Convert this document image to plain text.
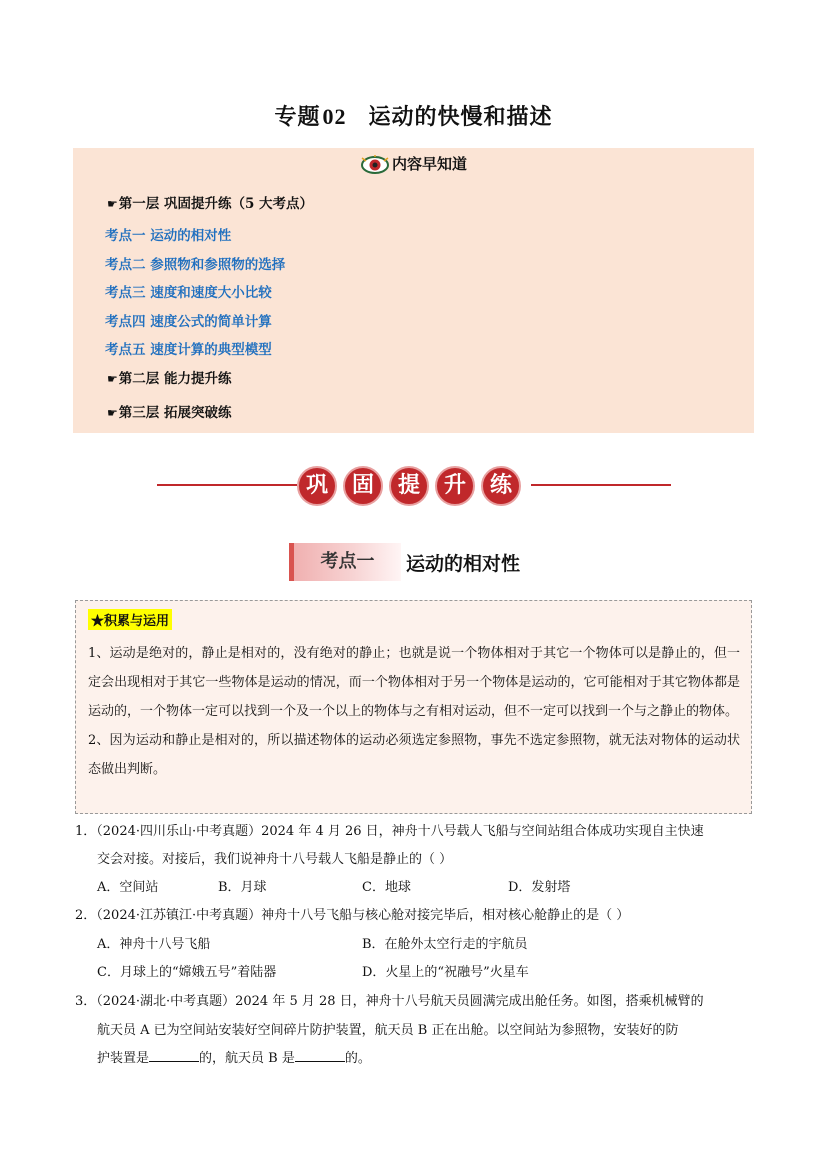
专题02 运动的快慢和描述
内容早知道
☛第一层 巩固提升练（5 大考点）
考点一 运动的相对性
考点二 参照物和参照物的选择
考点三 速度和速度大小比较
考点四 速度公式的简单计算
考点五 速度计算的典型模型
☛第二层 能力提升练
☛第三层 拓展突破练
巩	固	提	升	练
考点一	运动的相对性
★积累与运用

1、运动是绝对的，静止是相对的，没有绝对的静止；也就是说一个物体相对于其它一个物体可以是静止的，但一定会出现相对于其它一些物体是运动的情况，而一个物体相对于另一个物体是运动的，它可能相对于其它物体都是运动的，一个物体一定可以找到一个及一个以上的物体与之有相对运动，但不一定可以找到一个与之静止的物体。

2、因为运动和静止是相对的，所以描述物体的运动必须选定参照物，事先不选定参照物，就无法对物体的运动状态做出判断。

1．（2024·四川乐山·中考真题）2024 年 4 月 26 日，神舟十八号载人飞船与空间站组合体成功实现自主快速
交会对接。对接后，我们说神舟十八号载人飞船是静止的（ ）
A．空间站	B．月球	C．地球	D．发射塔
2．（2024·江苏镇江·中考真题）神舟十八号飞船与核心舱对接完毕后，相对核心舱静止的是（ ）
A．神舟十八号飞船	B．在舱外太空行走的宇航员
C．月球上的“嫦娥五号”着陆器	D．火星上的“祝融号”火星车
3．（2024·湖北·中考真题）2024 年 5 月 28 日，神舟十八号航天员圆满完成出舱任务。如图，搭乘机械臂的
航天员 A 已为空间站安装好空间碎片防护装置，航天员 B 正在出舱。以空间站为参照物，安装好的防
护装置是	的，航天员 B 是	的。
